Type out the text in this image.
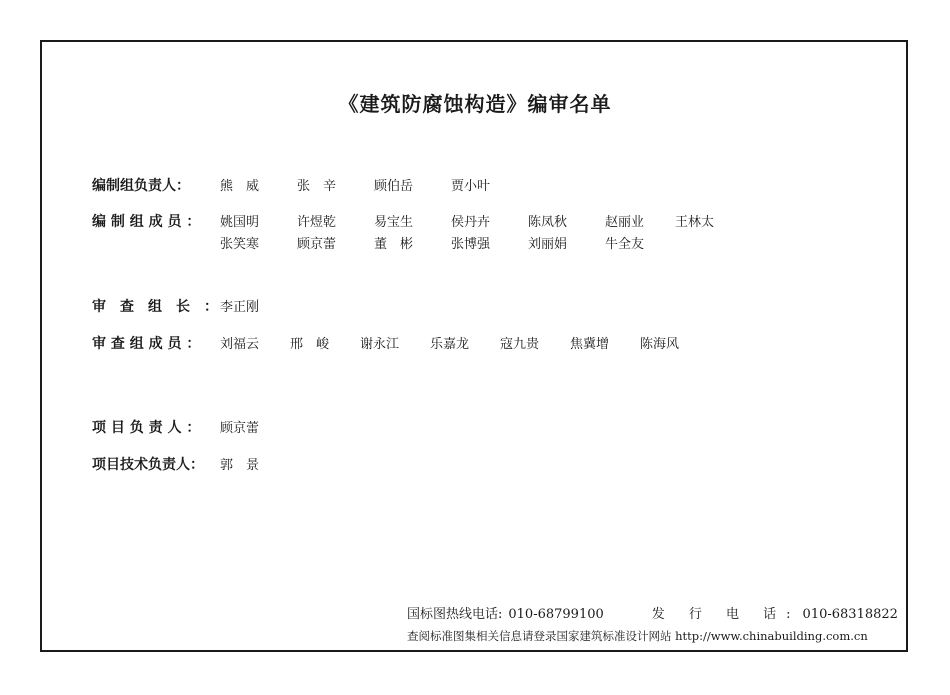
《建筑防腐蚀构造》编审名单
编制组负责人：	熊　威	张　辛	顾伯岳	贾小叶
编 制 组 成 员 ：	姚国明	许煜乾	易宝生	侯丹卉	陈凤秋	赵丽业	王林太
张笑寒	顾京蕾	董　彬	张博强	刘丽娟	牛全友
审　查　组　长　： 李正刚
审 查 组 成 员 ：	刘福云	邢　峻	谢永江	乐嘉龙	寇九贵	焦冀增	陈海风
项 目 负 责 人 ：	顾京蕾
项目技术负责人：	郭　景
国标图热线电话: 010-68799100	发 行 电 话: 010-68318822
查阅标准图集相关信息请登录国家建筑标准设计网站 http://www.chinabuilding.com.cn
